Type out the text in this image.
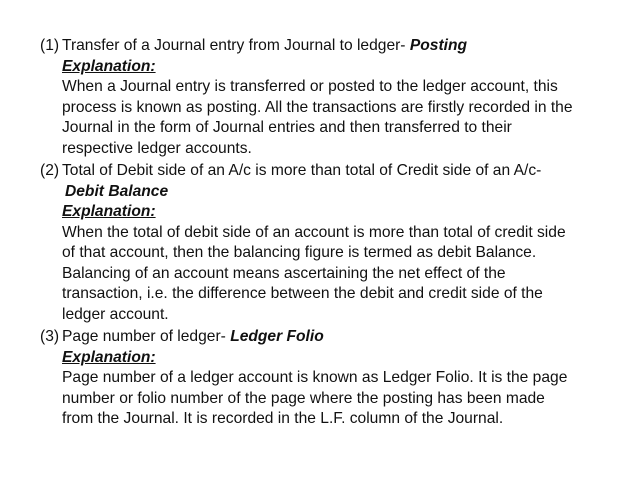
(1) Transfer of a Journal entry from Journal to ledger- Posting
Explanation:
When a Journal entry is transferred or posted to the ledger account, this
process is known as posting. All the transactions are firstly recorded in the
Journal in the form of Journal entries and then transferred to their
respective ledger accounts.
(2) Total of Debit side of an A/c is more than total of Credit side of an A/c-
Debit Balance
Explanation:
When the total of debit side of an account is more than total of credit side
of that account, then the balancing figure is termed as debit Balance.
Balancing of an account means ascertaining the net effect of the
transaction, i.e. the difference between the debit and credit side of the
ledger account.
(3) Page number of ledger- Ledger Folio
Explanation:
Page number of a ledger account is known as Ledger Folio. It is the page
number or folio number of the page where the posting has been made
from the Journal. It is recorded in the L.F. column of the Journal.
